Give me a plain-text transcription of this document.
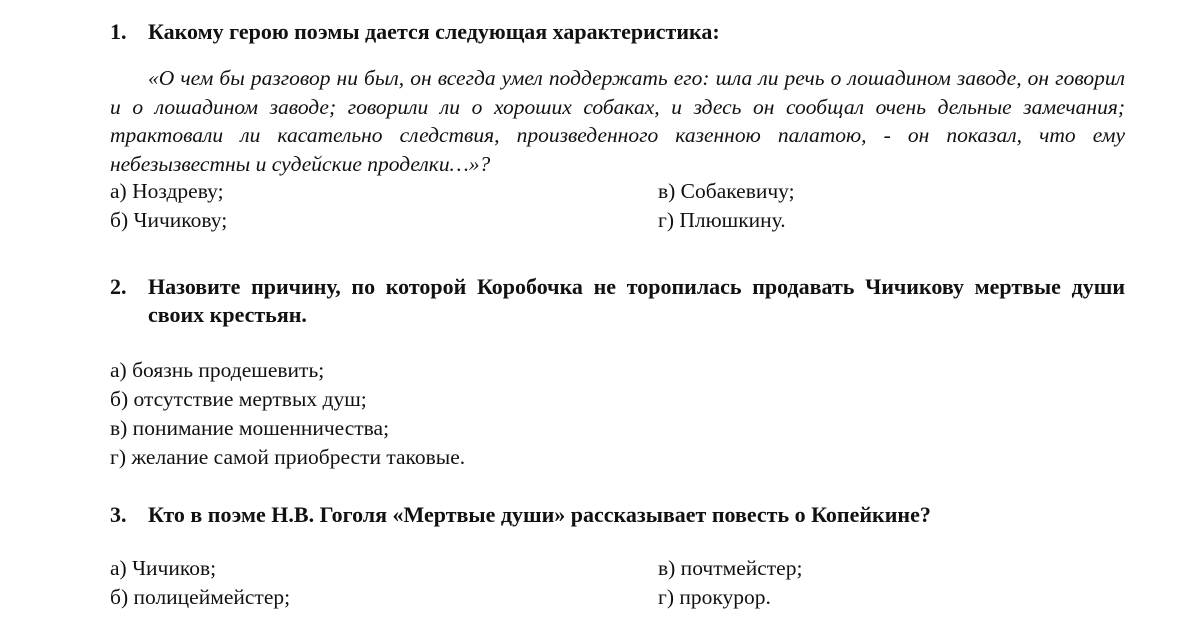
1. Какому герою поэмы дается следующая характеристика:
«О чем бы разговор ни был, он всегда умел поддержать его: шла ли речь о лошадином заводе, он говорил и о лошадином заводе; говорили ли о хороших собаках, и здесь он сообщал очень дельные замечания; трактовали ли касательно следствия, произведенного казенною палатою, - он показал, что ему небезызвестны и судейские проделки…»?
а) Ноздреву;	в) Собакевичу;
б) Чичикову;	г) Плюшкину.
2. Назовите причину, по которой Коробочка не торопилась продавать Чичикову мертвые души своих крестьян.
а) боязнь продешевить;
б) отсутствие мертвых душ;
в) понимание мошенничества;
г) желание самой приобрести таковые.
3. Кто в поэме Н.В. Гоголя «Мертвые души» рассказывает повесть о Копейкине?
а) Чичиков;	в) почтмейстер;
б) полицеймейстер;	г) прокурор.
